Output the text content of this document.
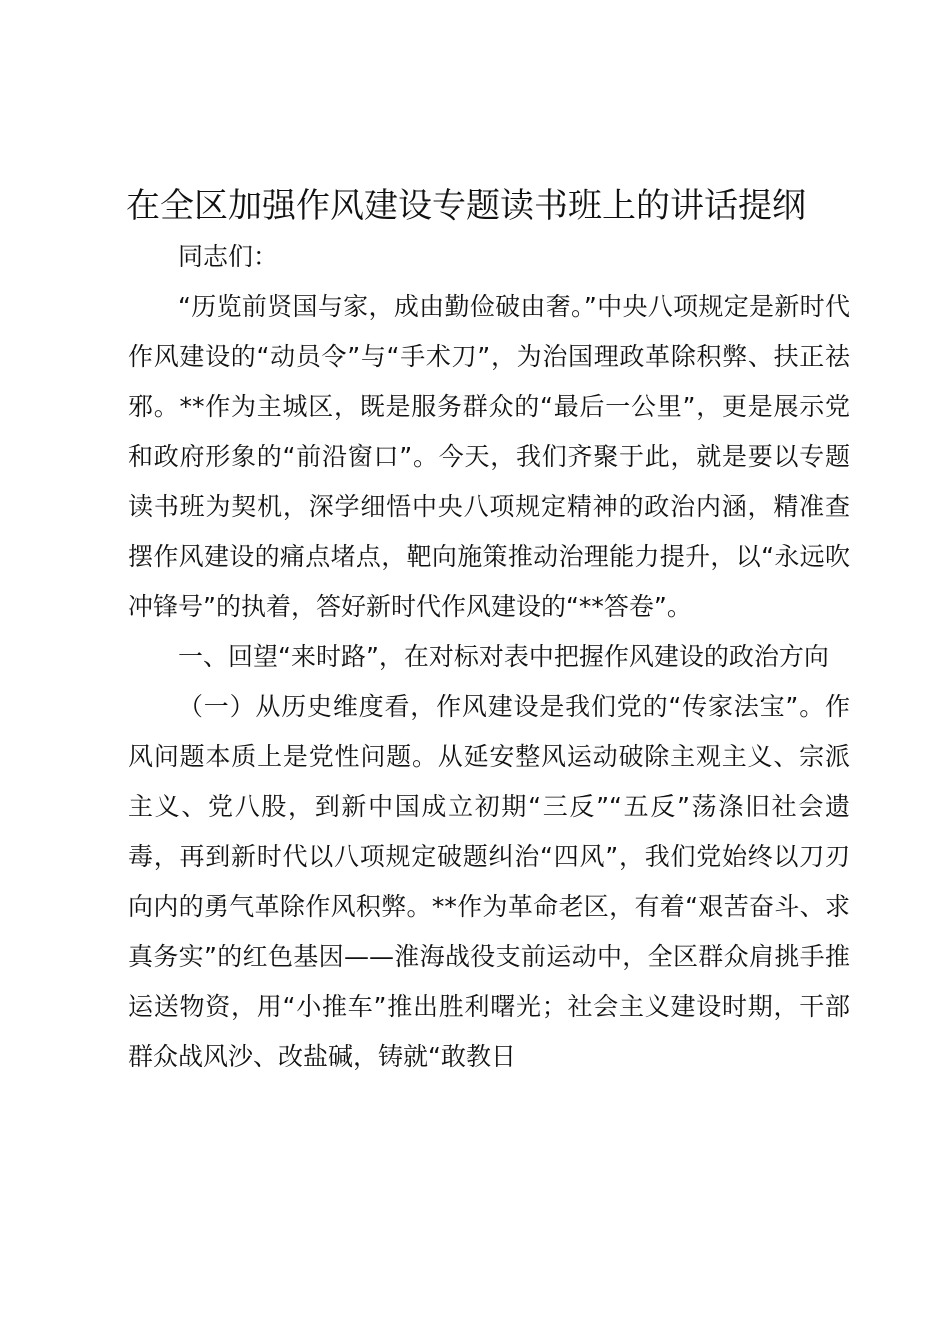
在全区加强作风建设专题读书班上的讲话提纲

同志们：

“历览前贤国与家，成由勤俭破由奢。”中央八项规定是新时代作风建设的“动员令”与“手术刀”，为治国理政革除积弊、扶正祛邪。**作为主城区，既是服务群众的“最后一公里”，更是展示党和政府形象的“前沿窗口”。今天，我们齐聚于此，就是要以专题读书班为契机，深学细悟中央八项规定精神的政治内涵，精准查摆作风建设的痛点堵点，靶向施策推动治理能力提升，以“永远吹冲锋号”的执着，答好新时代作风建设的“**答卷”。

一、回望“来时路”，在对标对表中把握作风建设的政治方向

（一）从历史维度看，作风建设是我们党的“传家法宝”。作风问题本质上是党性问题。从延安整风运动破除主观主义、宗派主义、党八股，到新中国成立初期“三反”“五反”荡涤旧社会遗毒，再到新时代以八项规定破题纠治“四风”，我们党始终以刀刃向内的勇气革除作风积弊。**作为革命老区，有着“艰苦奋斗、求真务实”的红色基因——淮海战役支前运动中，全区群众肩挑手推运送物资，用“小推车”推出胜利曙光；社会主义建设时期，干部群众战风沙、改盐碱，铸就“敢教日
